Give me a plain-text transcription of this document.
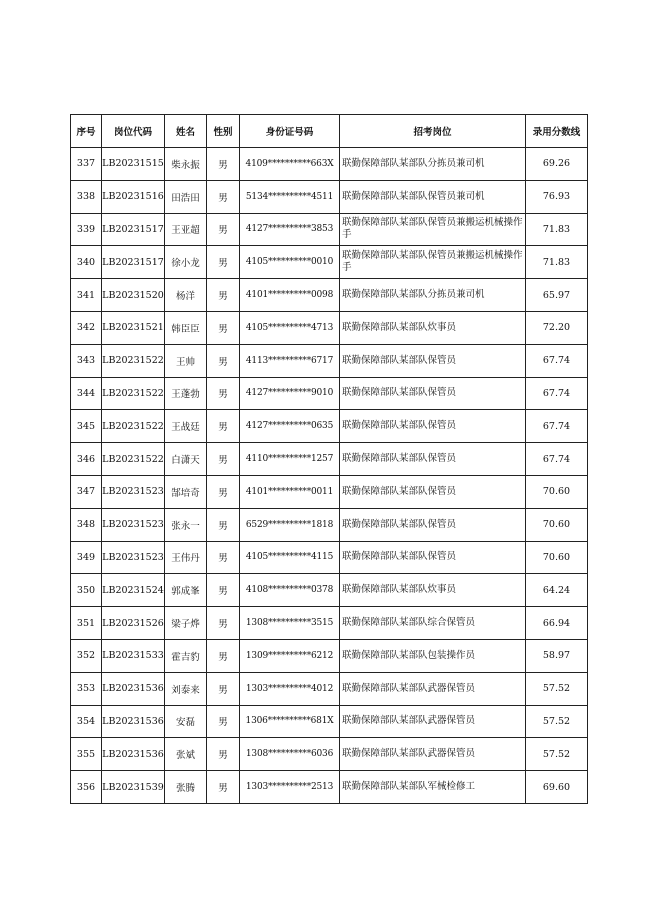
序号	岗位代码	姓名	性别	身份证号码	招考岗位	录用分数线
337	LB20231515	柴永振	男	4109**********663X	联勤保障部队某部队分拣员兼司机	69.26
338	LB20231516	田浩田	男	5134**********4511	联勤保障部队某部队保管员兼司机	76.93
339	LB20231517	王亚超	男	4127**********3853	联勤保障部队某部队保管员兼搬运机械操作手	71.83
340	LB20231517	徐小龙	男	4105**********0010	联勤保障部队某部队保管员兼搬运机械操作手	71.83
341	LB20231520	杨洋	男	4101**********0098	联勤保障部队某部队分拣员兼司机	65.97
342	LB20231521	韩臣臣	男	4105**********4713	联勤保障部队某部队炊事员	72.20
343	LB20231522	王帅	男	4113**********6717	联勤保障部队某部队保管员	67.74
344	LB20231522	王蓬勃	男	4127**********9010	联勤保障部队某部队保管员	67.74
345	LB20231522	王战廷	男	4127**********0635	联勤保障部队某部队保管员	67.74
346	LB20231522	白潇天	男	4110**********1257	联勤保障部队某部队保管员	67.74
347	LB20231523	郜培奇	男	4101**********0011	联勤保障部队某部队保管员	70.60
348	LB20231523	张永一	男	6529**********1818	联勤保障部队某部队保管员	70.60
349	LB20231523	王伟丹	男	4105**********4115	联勤保障部队某部队保管员	70.60
350	LB20231524	郭成峯	男	4108**********0378	联勤保障部队某部队炊事员	64.24
351	LB20231526	梁子烨	男	1308**********3515	联勤保障部队某部队综合保管员	66.94
352	LB20231533	霍吉豹	男	1309**********6212	联勤保障部队某部队包装操作员	58.97
353	LB20231536	刘泰来	男	1303**********4012	联勤保障部队某部队武器保管员	57.52
354	LB20231536	安磊	男	1306**********681X	联勤保障部队某部队武器保管员	57.52
355	LB20231536	张斌	男	1308**********6036	联勤保障部队某部队武器保管员	57.52
356	LB20231539	张腾	男	1303**********2513	联勤保障部队某部队军械检修工	69.60
